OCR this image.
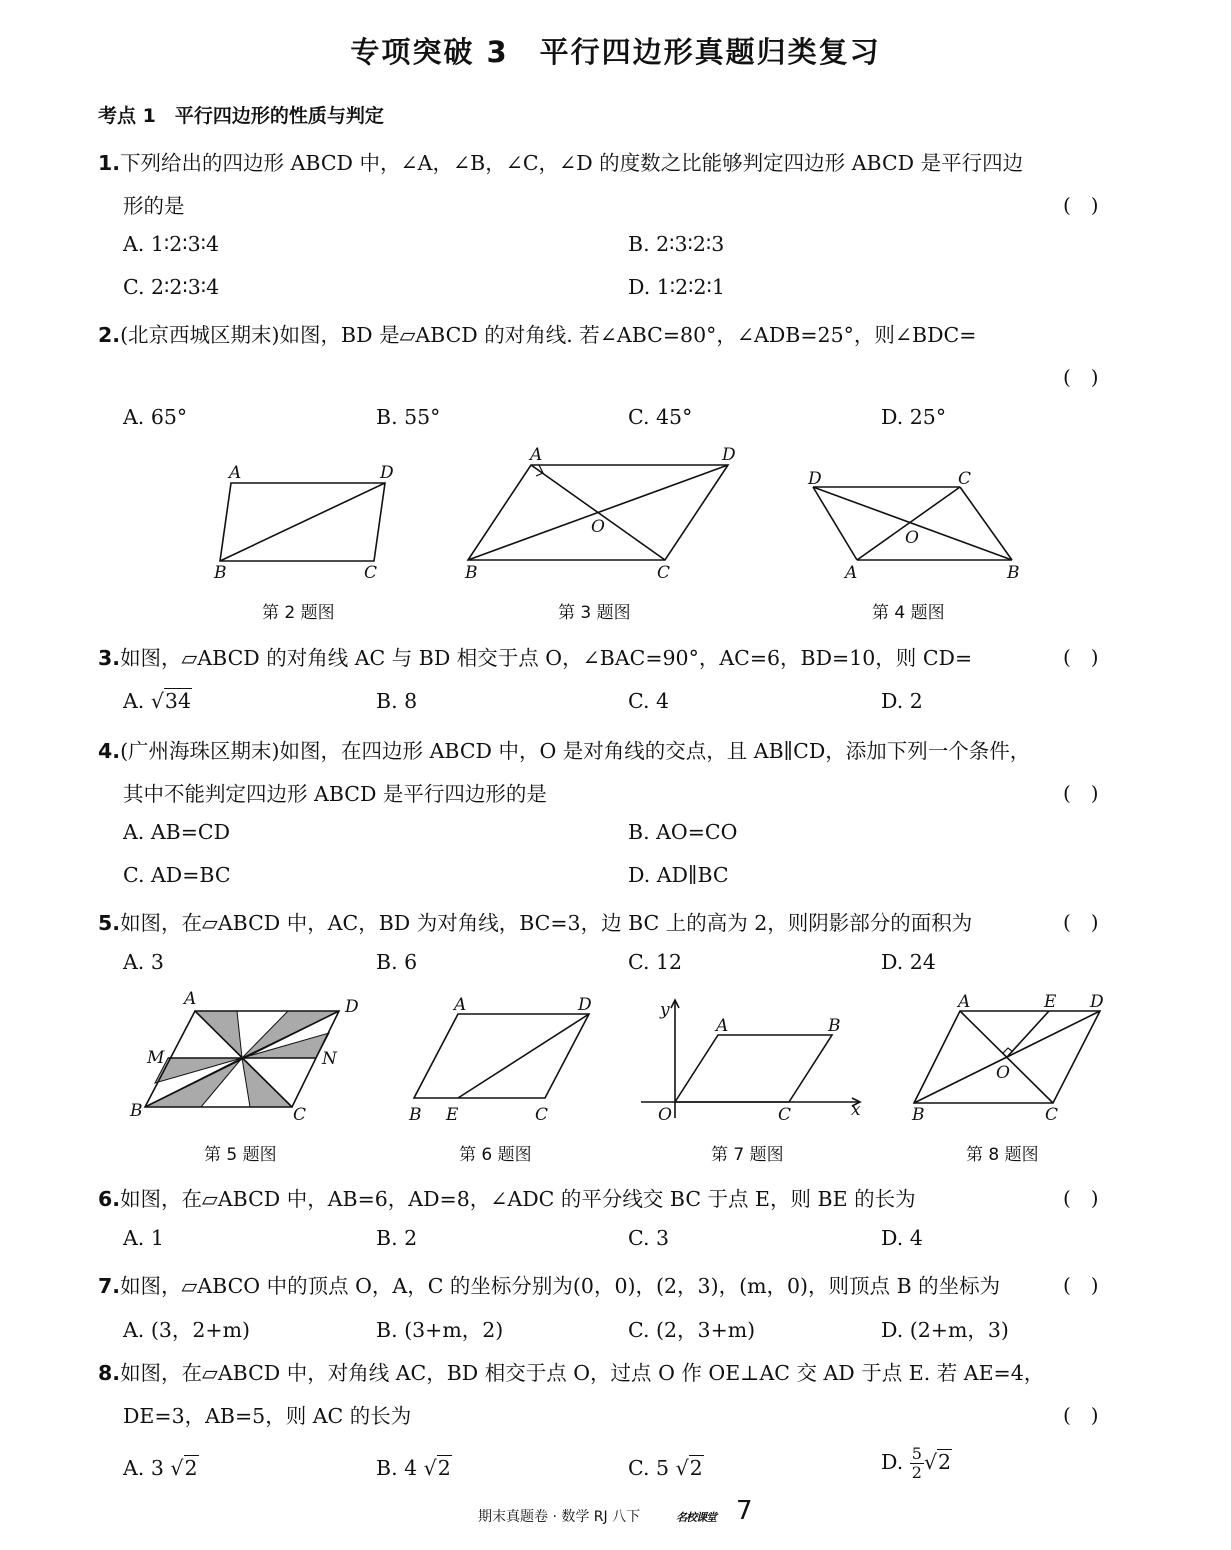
专项突破 3　平行四边形真题归类复习
考点 1　平行四边形的性质与判定
1.下列给出的四边形 ABCD 中，∠A，∠B，∠C，∠D 的度数之比能够判定四边形 ABCD 是平行四边
形的是	(　)
A. 1∶2∶3∶4	B. 2∶3∶2∶3
C. 2∶2∶3∶4	D. 1∶2∶2∶1
2.(北京西城区期末)如图，BD 是▱ABCD 的对角线. 若∠ABC=80°，∠ADB=25°，则∠BDC=
(　)
A. 65°	B. 55°	C. 45°	D. 25°
A	D
B	C
A	D
B	C
O
D	C
A	B
O
第 2 题图	第 3 题图	第 4 题图
3.如图，▱ABCD 的对角线 AC 与 BD 相交于点 O，∠BAC=90°，AC=6，BD=10，则 CD=	(　)
A. √34	B. 8	C. 4	D. 2
4.(广州海珠区期末)如图，在四边形 ABCD 中，O 是对角线的交点，且 AB∥CD，添加下列一个条件，
其中不能判定四边形 ABCD 是平行四边形的是	(　)
A. AB=CD	B. AO=CO
C. AD=BC	D. AD∥BC
5.如图，在▱ABCD 中，AC，BD 为对角线，BC=3，边 BC 上的高为 2，则阴影部分的面积为	(　)
A. 3	B. 6	C. 12	D. 24
A	D
M	N
B	C
A	D
B E	C
y
x
O
A	B
C
A	E D
O
B	C
第 5 题图	第 6 题图	第 7 题图	第 8 题图
6.如图，在▱ABCD 中，AB=6，AD=8，∠ADC 的平分线交 BC 于点 E，则 BE 的长为	(　)
A. 1	B. 2	C. 3	D. 4
7.如图，▱ABCO 中的顶点 O，A，C 的坐标分别为(0，0)，(2，3)，(m，0)，则顶点 B 的坐标为	(　)
A. (3，2+m)	B. (3+m，2)	C. (2，3+m)	D. (2+m，3)
8.如图，在▱ABCD 中，对角线 AC，BD 相交于点 O，过点 O 作 OE⊥AC 交 AD 于点 E. 若 AE=4，
DE=3，AB=5，则 AC 的长为	(　)
A. 3 √2	B. 4 √2	C. 5 √2	D. $\frac{5}{2} √2$
期末真题卷 · 数学 RJ 八下	名校课堂 7
